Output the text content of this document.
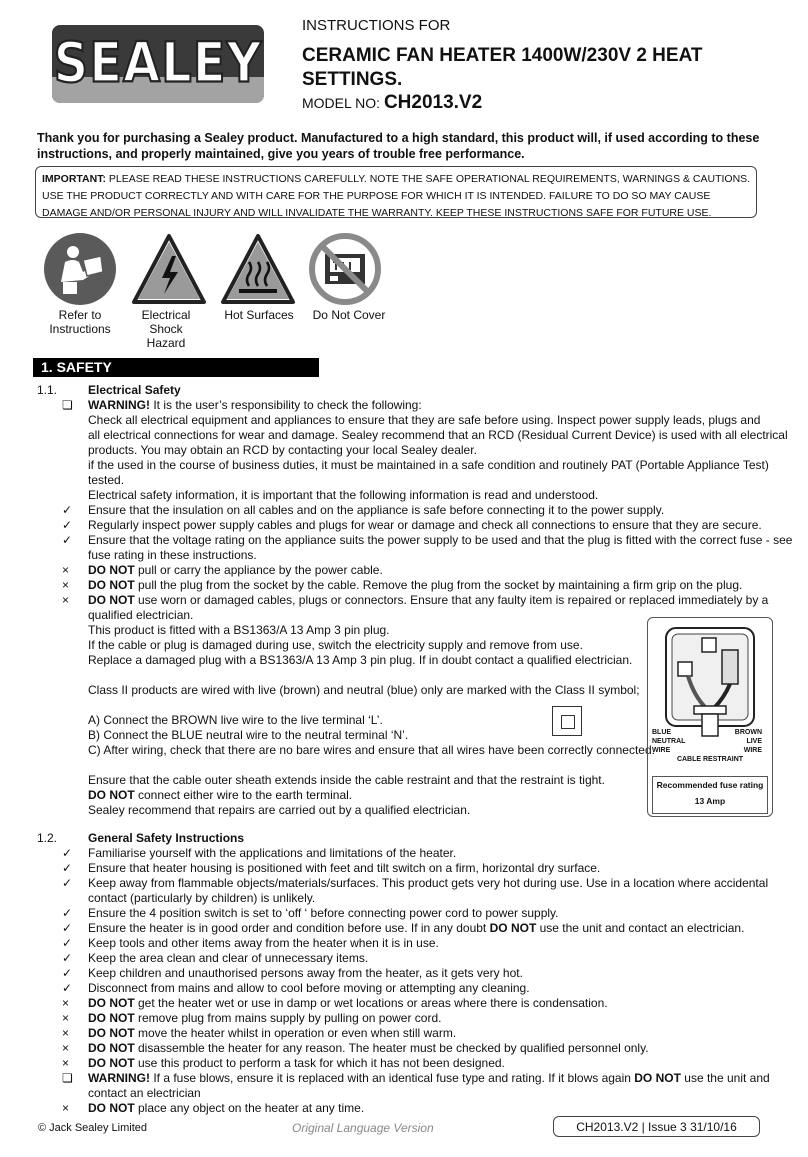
SEALEY
INSTRUCTIONS FOR
CERAMIC FAN HEATER 1400W/230V 2 HEAT SETTINGS.
MODEL NO: CH2013.V2
Thank you for purchasing a Sealey product. Manufactured to a high standard, this product will, if used according to these instructions, and properly maintained, give you years of trouble free performance.
IMPORTANT: PLEASE READ THESE INSTRUCTIONS CAREFULLY. NOTE THE SAFE OPERATIONAL REQUIREMENTS, WARNINGS & CAUTIONS. USE THE PRODUCT CORRECTLY AND WITH CARE FOR THE PURPOSE FOR WHICH IT IS INTENDED. FAILURE TO DO SO MAY CAUSE DAMAGE AND/OR PERSONAL INJURY AND WILL INVALIDATE THE WARRANTY. KEEP THESE INSTRUCTIONS SAFE FOR FUTURE USE.
Refer to Instructions
Electrical Shock Hazard
Hot Surfaces	Do Not Cover
1. SAFETY
1.1.	Electrical Safety
❏ WARNING! It is the user’s responsibility to check the following:
Check all electrical equipment and appliances to ensure that they are safe before using. Inspect power supply leads, plugs and
all electrical connections for wear and damage. Sealey recommend that an RCD (Residual Current Device) is used with all electrical
products. You may obtain an RCD by contacting your local Sealey dealer.
if the used in the course of business duties, it must be maintained in a safe condition and routinely PAT (Portable Appliance Test)
tested.
Electrical safety information, it is important that the following information is read and understood.
✓ Ensure that the insulation on all cables and on the appliance is safe before connecting it to the power supply.
✓ Regularly inspect power supply cables and plugs for wear or damage and check all connections to ensure that they are secure.
✓ Ensure that the voltage rating on the appliance suits the power supply to be used and that the plug is fitted with the correct fuse - see
fuse rating in these instructions.
× DO NOT pull or carry the appliance by the power cable.
× DO NOT pull the plug from the socket by the cable. Remove the plug from the socket by maintaining a firm grip on the plug.
× DO NOT use worn or damaged cables, plugs or connectors. Ensure that any faulty item is repaired or replaced immediately by a
qualified electrician.
This product is fitted with a BS1363/A 13 Amp 3 pin plug.
If the cable or plug is damaged during use, switch the electricity supply and remove from use.
Replace a damaged plug with a BS1363/A 13 Amp 3 pin plug. If in doubt contact a qualified electrician.
Class II products are wired with live (brown) and neutral (blue) only are marked with the Class II symbol;
A) Connect the BROWN live wire to the live terminal ‘L’.
B) Connect the BLUE neutral wire to the neutral terminal ‘N’.
C) After wiring, check that there are no bare wires and ensure that all wires have been correctly connected.
Ensure that the cable outer sheath extends inside the cable restraint and that the restraint is tight.
DO NOT connect either wire to the earth terminal.
Sealey recommend that repairs are carried out by a qualified electrician.
BLUE
NEUTRAL
WIRE
BROWN
LIVE
WIRE
CABLE RESTRAINT
Recommended fuse rating
13 Amp
1.2.	General Safety Instructions
✓ Familiarise yourself with the applications and limitations of the heater.
✓ Ensure that heater housing is positioned with feet and tilt switch on a firm, horizontal dry surface.
✓ Keep away from flammable objects/materials/surfaces. This product gets very hot during use. Use in a location where accidental
contact (particularly by children) is unlikely.
✓ Ensure the 4 position switch is set to ‘off ‘ before connecting power cord to power supply.
✓ Ensure the heater is in good order and condition before use. If in any doubt DO NOT use the unit and contact an electrician.
✓ Keep tools and other items away from the heater when it is in use.
✓ Keep the area clean and clear of unnecessary items.
✓ Keep children and unauthorised persons away from the heater, as it gets very hot.
✓ Disconnect from mains and allow to cool before moving or attempting any cleaning.
× DO NOT get the heater wet or use in damp or wet locations or areas where there is condensation.
× DO NOT remove plug from mains supply by pulling on power cord.
× DO NOT move the heater whilst in operation or even when still warm.
× DO NOT disassemble the heater for any reason. The heater must be checked by qualified personnel only.
× DO NOT use this product to perform a task for which it has not been designed.
❏ WARNING! If a fuse blows, ensure it is replaced with an identical fuse type and rating. If it blows again DO NOT use the unit and
contact an electrician
× DO NOT place any object on the heater at any time.
© Jack Sealey Limited	Original Language Version	CH2013.V2 | Issue 3 31/10/16
